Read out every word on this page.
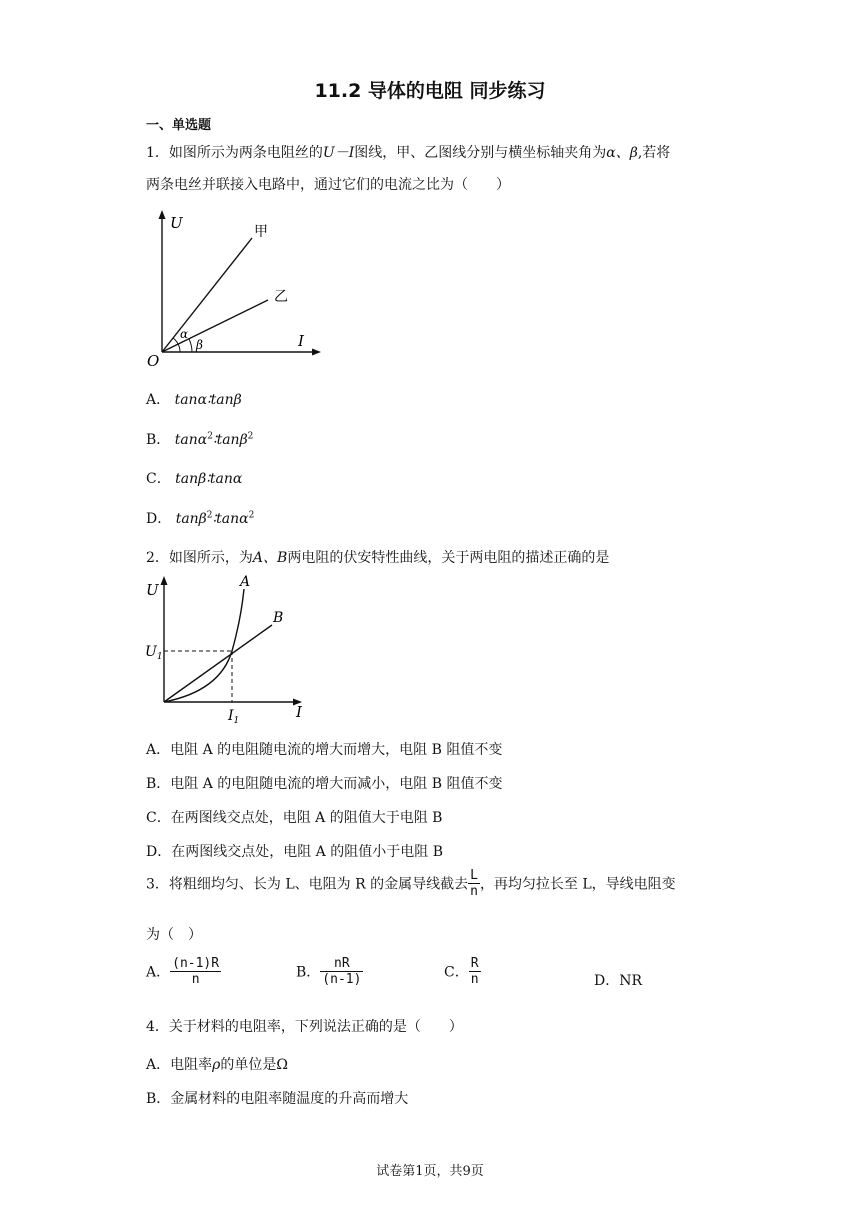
11.2 导体的电阻 同步练习
一、单选题
1．如图所示为两条电阻丝的U－I图线，甲、乙图线分别与横坐标轴夹角为α、β,若将
两条电丝并联接入电路中，通过它们的电流之比为（　　）
U
I
O
甲
乙
α
β
A． tanα∶tanβ
B． tanα$^2$∶tanβ$^2$
C． tanβ∶tanα
D． tanβ$^2$∶tanα$^2$
2．如图所示，为A、B两电阻的伏安特性曲线，关于两电阻的描述正确的是
U
I
A
B
$U_1$
$I_1$
A．电阻 A 的电阻随电流的增大而增大，电阻 B 阻值不变
B．电阻 A 的电阻随电流的增大而减小，电阻 B 阻值不变
C．在两图线交点处，电阻 A 的阻值大于电阻 B
D．在两图线交点处，电阻 A 的阻值小于电阻 B
3．将粗细均匀、长为 L、电阻为 R 的金属导线截去 $\frac{L}{n}$ ，再均匀拉长至 L，导线电阻变
为（　）
A． $\frac{(n-1)R}{n}$	B． $\frac{nR}{(n-1)}$	C． $\frac{R}{n}$	D．NR
4．关于材料的电阻率，下列说法正确的是（　　）
A．电阻率ρ的单位是Ω
B．金属材料的电阻率随温度的升高而增大
试卷第1页，共9页
